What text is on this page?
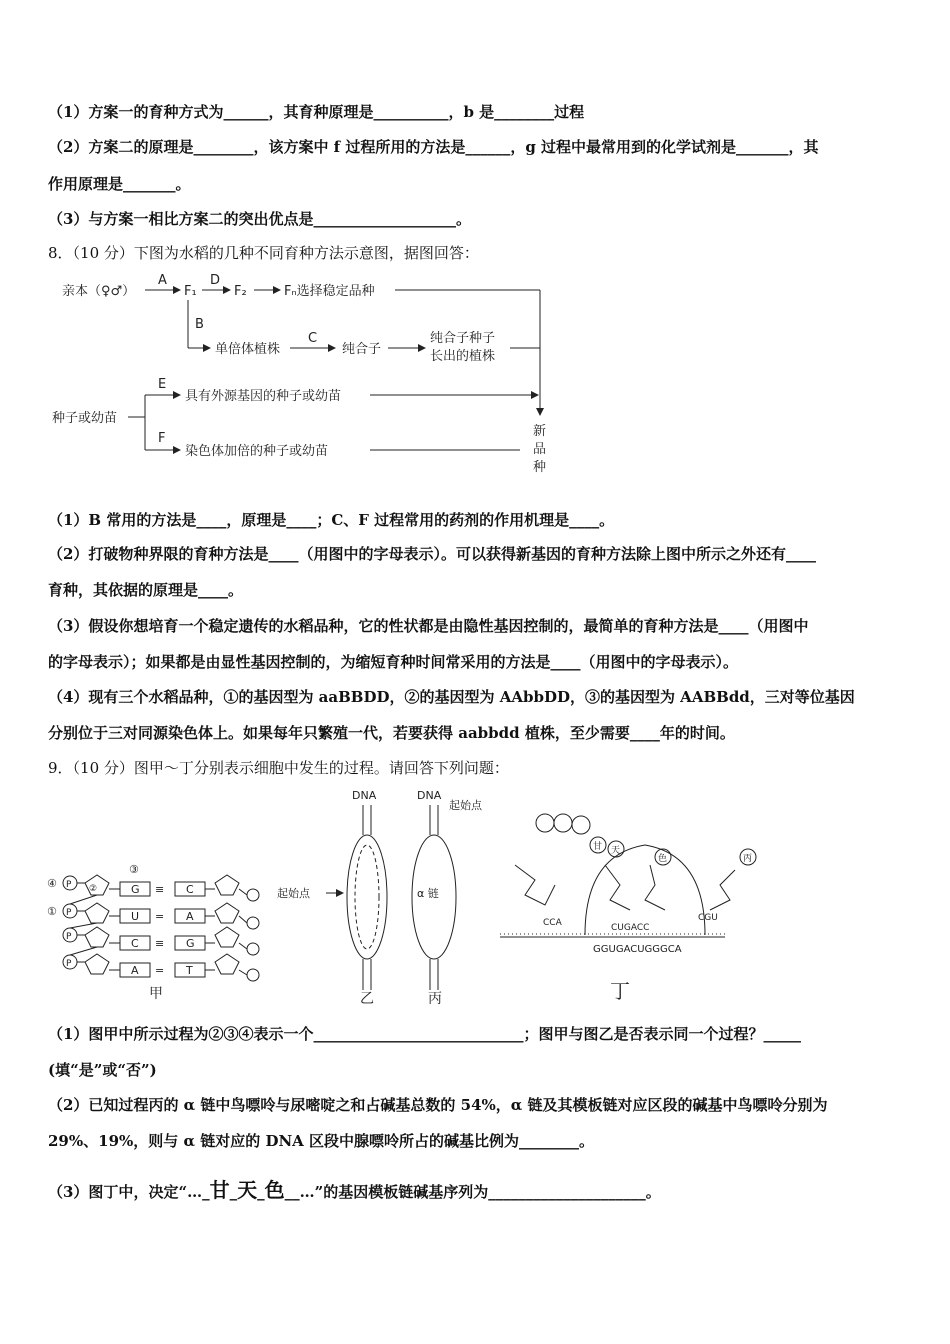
（1）方案一的育种方式为______，其育种原理是__________，b 是________过程
（2）方案二的原理是________，该方案中 f 过程所用的方法是______，g 过程中最常用到的化学试剂是_______，其
作用原理是_______。
（3）与方案一相比方案二的突出优点是___________________。
8．（10 分）下图为水稻的几种不同育种方法示意图，据图回答：
亲本（♀♂）
A
F₁
D
F₂	Fₙ选择稳定品种
B
单倍体植株
C
纯合子
纯合子种子
长出的植株
种子或幼苗
E
具有外源基因的种子或幼苗
F
染色体加倍的种子或幼苗
新
品
种
（1）B 常用的方法是____，原理是____；C、F 过程常用的药剂的作用机理是____。
（2）打破物种界限的育种方法是____（用图中的字母表示）。可以获得新基因的育种方法除上图中所示之外还有____
育种，其依据的原理是____。
（3）假设你想培育一个稳定遗传的水稻品种，它的性状都是由隐性基因控制的，最简单的育种方法是____（用图中
的字母表示）；如果都是由显性基因控制的，为缩短育种时间常采用的方法是____（用图中的字母表示）。
（4）现有三个水稻品种，①的基因型为 aaBBDD，②的基因型为 AAbbDD，③的基因型为 AABBdd，三对等位基因
分别位于三对同源染色体上。如果每年只繁殖一代，若要获得 aabbdd 植株，至少需要____年的时间。
9．（10 分）图甲～丁分别表示细胞中发生的过程。请回答下列问题：
④
①
③
P
P
P
P
②	G
U
C
A
≡
=
≡
=
C
A
G
T
甲
DNA
起始点
乙
DNA
起始点
α 链
丙
甘 天
色	丙
CCA	CUGACC
CGU
GGUGACUGGGCA
丁
（1）图甲中所示过程为②③④表示一个____________________________；图甲与图乙是否表示同一个过程？_____
(填“是”或“否”)
（2）已知过程丙的 α 链中鸟嘌呤与尿嘧啶之和占碱基总数的 54%，α 链及其模板链对应区段的碱基中鸟嘌呤分别为
29%、19%，则与 α 链对应的 DNA 区段中腺嘌呤所占的碱基比例为________。
（3）图丁中，决定“…_甘_天_色__…”的基因模板链碱基序列为_____________________。
